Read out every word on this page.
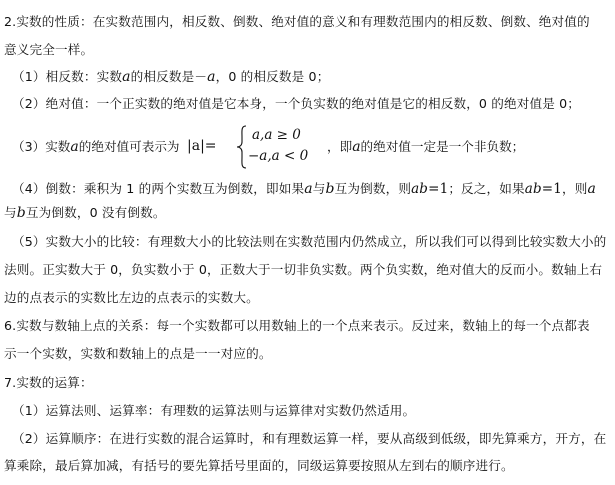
2.实数的性质：在实数范围内，相反数、倒数、绝对值的意义和有理数范围内的相反数、倒数、绝对值的
意义完全一样。
（1）相反数：实数a的相反数是－a，0 的相反数是 0；
（2）绝对值：一个正实数的绝对值是它本身，一个负实数的绝对值是它的相反数，0 的绝对值是 0；
（3）实数a的绝对值可表示为 |a|=
a,a ≥ 0
−a,a < 0
，即a的绝对值一定是一个非负数；
（4）倒数：乘积为 1 的两个实数互为倒数，即如果a与b互为倒数，则ab=1；反之，如果ab=1，则a
与b互为倒数，0 没有倒数。
（5）实数大小的比较：有理数大小的比较法则在实数范围内仍然成立，所以我们可以得到比较实数大小的
法则。正实数大于 0，负实数小于 0，正数大于一切非负实数。两个负实数，绝对值大的反而小。数轴上右
边的点表示的实数比左边的点表示的实数大。
6.实数与数轴上点的关系：每一个实数都可以用数轴上的一个点来表示。反过来，数轴上的每一个点都表
示一个实数，实数和数轴上的点是一一对应的。
7.实数的运算：
（1）运算法则、运算率：有理数的运算法则与运算律对实数仍然适用。
（2）运算顺序：在进行实数的混合运算时，和有理数运算一样，要从高级到低级，即先算乘方，开方，在
算乘除，最后算加减，有括号的要先算括号里面的，同级运算要按照从左到右的顺序进行。
